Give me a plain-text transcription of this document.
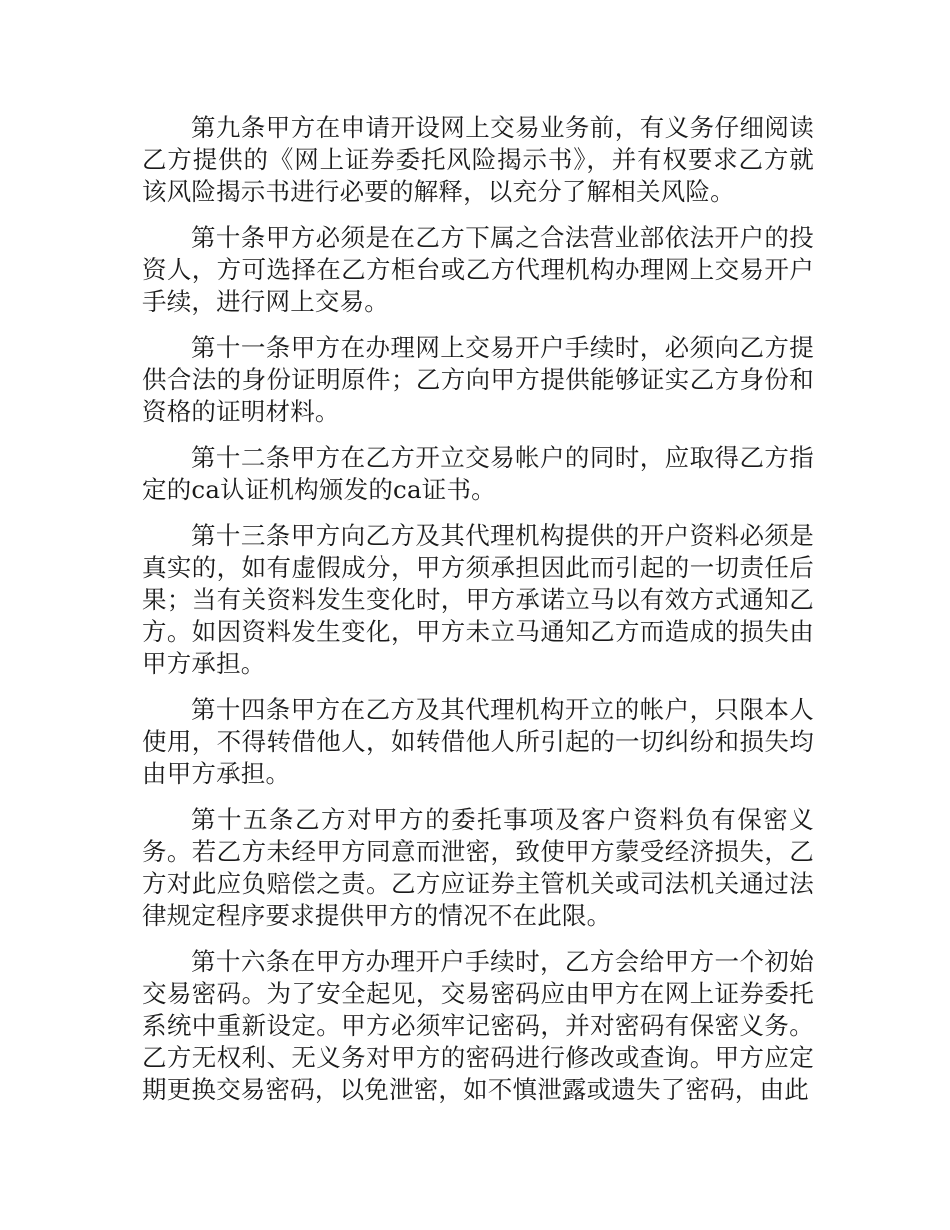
第九条甲方在申请开设网上交易业务前，有义务仔细阅读乙方提供的《网上证券委托风险揭示书》，并有权要求乙方就该风险揭示书进行必要的解释，以充分了解相关风险。

第十条甲方必须是在乙方下属之合法营业部依法开户的投资人，方可选择在乙方柜台或乙方代理机构办理网上交易开户手续，进行网上交易。

第十一条甲方在办理网上交易开户手续时，必须向乙方提供合法的身份证明原件；乙方向甲方提供能够证实乙方身份和资格的证明材料。

第十二条甲方在乙方开立交易帐户的同时，应取得乙方指定的ca认证机构颁发的ca证书。

第十三条甲方向乙方及其代理机构提供的开户资料必须是真实的，如有虚假成分，甲方须承担因此而引起的一切责任后果；当有关资料发生变化时，甲方承诺立马以有效方式通知乙方。如因资料发生变化，甲方未立马通知乙方而造成的损失由甲方承担。

第十四条甲方在乙方及其代理机构开立的帐户，只限本人使用，不得转借他人，如转借他人所引起的一切纠纷和损失均由甲方承担。

第十五条乙方对甲方的委托事项及客户资料负有保密义务。若乙方未经甲方同意而泄密，致使甲方蒙受经济损失，乙方对此应负赔偿之责。乙方应证券主管机关或司法机关通过法律规定程序要求提供甲方的情况不在此限。

第十六条在甲方办理开户手续时，乙方会给甲方一个初始交易密码。为了安全起见，交易密码应由甲方在网上证券委托系统中重新设定。甲方必须牢记密码，并对密码有保密义务。乙方无权利、无义务对甲方的密码进行修改或查询。甲方应定期更换交易密码，以免泄密，如不慎泄露或遗失了密码，由此
